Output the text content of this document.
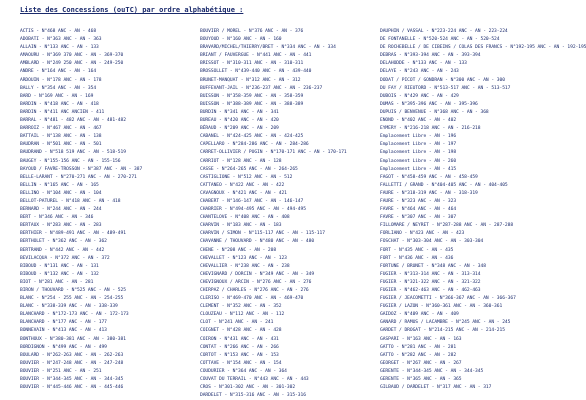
Liste des Concessions (ouTC) par ordre alphabétique :
ACTIS - N°468 ANC - AN - 468
ADOBATI - N°363 ANC - AN - 363
ALLAIN - N°133 ANC - AN - 133
AMAOURU - N°369 370 ANC - AN - 369-370
AMBLARD - N°249 250 ANC - AN - 249-250
ANDRE - N°164 ANC - AN - 164
ARDOUIN - N°178 ANC - AN - 178
BALLY - N°354 ANC - AN - 354
BARD - N°169 ANC - AN - 169
BARDIN - N°418 ANC - AN - 418
BARDIN - N°411 ANC ANCIEN - 411
BARRAL - N°481 - 482 ANC - AN - 481-482
BARROIZ - N°467 ANC - AN - 467
BATTAIL - N°138 ANC - AN - 138
BAUDRAN - N°501 ANC - AN - 501
BAUDRAND - N°518 519 ANC - AN - 518-519
BAUGEY - N°155-156 ANC - AN - 155-156
BAYOUD / FAVRE-TROSSON - N°387 ANC - AN - 387
BELLE-LARANT - N°270-271 ANC - AN - 270-271
BELLIN - N°165 ANC - AN - 165
BELLINO - N°104 ANC - AN - 104
BELLOT-PATUREL - N°418 ANC - AN - 418
BERNARD - N°244 ANC - AN - 244
BERT - N°346 ANC - AN - 346
BERTAUX - N°283 ANC - AN - 283
BERTHIER - N°489-491 ANC - AN - 489-491
BERTHOLET - N°362 ANC - AN - 362
BERTRAND - N°442 ANC - AN - 442
BEVILACQUA - N°372 ANC - AN - 372
BIBOUD - N°131 ANC - AN - 131
BIBOUD - N°132 ANC - AN - 132
BIOT - N°281 ANC - AN - 281
BIRON / THOUVARD - N°525 ANC - AN - 525
BLANC - N°254 - 255 ANC - AN - 254-255
BLANC - N°338-339 ANC - AN - 338-339
BLANCHARD - N°172-173 ANC - AN - 172-173
BLANCHARD - N°177 ANC - AN - 177
BONNEVAIN - N°413 ANC - AN - 413
BONTHOUX - N°380-381 ANC - AN - 380-381
BORDIGNON - N°499 ANC - AN - 499
BOULARD - N°262-263 ANC - AN - 262-263
BOUVIER - N°247-248 ANC - AN - 247-248
BOUVIER - N°251 ANC - AN - 251
BOUVIER - N°344-345 ANC - AN - 344-345
BOUVIER - N°445-446 ANC - AN - 445-446
BOUVIER / MOREL - N°376 ANC - AN - 376
BOUYOUD - N°160 ANC - AN - 160
BRAVARD/MICHEL/THIERRY/BRET - N°334 ANC - AN - 334
BRIANT / FAUVERGUE - N°441 ANC - AN - 441
BRISSOT - N°310-311 ANC - AN - 310-311
BROSSOLLET - N°439-440 ANC - AN - 439-440
BRUNET-MANQUAT - N°312 ANC - AN - 312
BUFFEVANT-JAIL - N°236-237 ANC - AN - 236-237
BUISSON - N°358-359 ANC - AN - 358-359
BUISSON - N°388-389 ANC - AN - 388-389
BURDIN - N°341 ANC - AN - 341
BUREAU - N°420 ANC - AN - 420
BÉRAUD - N°209 ANC - AN - 209
CABANEL - N°424-425 ANC - AN - 424-425
CAPELLARO - N°284-286 ANC - AN - 284-286
CARRET-OLLIVIER / PUGIN - N°170-171 ANC - AN - 170-171
CARRIOT - N°128 ANC - AN - 128
CASSE - N°264-265 ANC - AN - 264-265
CASTIGLIONE - N°512 ANC - AN - 512
CATTANEO - N°422 ANC - AN - 422
CAVAGNOUX - N°421 ANC - AN - 421
CHABERT - N°146-147 ANC - AN - 146-147
CHABRIER - N°494-495 ANC - AN - 494-495
CHANTELOVE - N°408 ANC - AN - 408
CHARVIN - N°183 ANC - AN - 183
CHARVIN / SIMON - N°115-117 ANC - AN - 115-117
CHAVANNE / THOUVARD - N°480 ANC - AN - 480
CHENE - N°208 ANC - AN - 208
CHEVALLET - N°123 ANC - AN - 123
CHEVALLIER - N°238 ANC - AN - 238
CHEVIGNARD / DORCIN - N°349 ANC - AN - 349
CHEVIGNOUX / ARCIN - N°276 ANC - AN - 276
CHIRPAZ / CHARLES - N°276 ANC - AN - 276
CLERISO - N°469-470 ANC - AN - 469-470
CLEMENT - N°352 ANC - AN - 352
CLOUZEAU - N°112 ANC - AN - 112
CLOT - N°241 ANC - AN - 241
COIGNET - N°428 ANC - AN - 428
COIRON - N°431 ANC - AN - 431
CONTAT - N°266 ANC - AN - 266
CORTOT - N°153 ANC - AN - 153
COTTAVE - N°154 ANC - AN - 154
COUDURIER - N°364 ANC - AN - 364
COUVAT DU TERRAIL - N°443 ANC - AN - 443
CROS - N°301-302 ANC - AN - 301-302
DARDELET - N°315-316 ANC - AN - 315-316
DAUPHIN / VASSAL - N°223-224 ANC - AN - 223-224
DE FONTANELLE - N°520-524 ANC - AN - 520-524
DE ROCHEBELLE / DE CIBEINS / COLAS DES FRANCS - N°192-195 ANC - AN - 192-195
DEBRAS - N°393-394 ANC - AN - 393-394
DELAHODDE - N°133 ANC - AN - 133
DELAYE - N°243 ANC - AN - 243
DODAT / PICOT / GONDRAN - N°300 ANC - AN - 300
DU FAY / RIEUTORD - N°513-517 ANC - AN - 513-517
DUBOIS - N°429 ANC - AN - 429
DUMAS - N°395-396 ANC - AN - 395-396
DUPUIS / BENVENUE - N°368 ANC - AN - 368
ENOND - N°402 ANC - AN - 402
EYMERY - N°216-218 ANC - AN - 216-218
Emplacement Libre - AN - 196
Emplacement Libre - AN - 197
Emplacement Libre - AN - 198
Emplacement Libre - AN - 260
Emplacement Libre - AN - 415
FAGOT - N°458-459 ANC - AN - 458-459
FALLETTI / GRAND - N°404-405 ANC - AN - 404-405
FAURE - N°318-319 ANC - AN - 318-319
FAURE - N°323 ANC - AN - 323
FAVRE - N°464 ANC - AN - 464
FAVRE - N°307 ANC - AN - 307
FILLOMARE / NEYRET - N°287-288 ANC - AN - 287-288
FORLIANO - N°423 ANC - AN - 423
FOSCHAT - N°303-304 ANC - AN - 303-304
FORT - N°435 ANC - AN - 435
FORT - N°436 ANC - AN - 436
FORTUNE / BRUNET - N°348 ANC - AN - 348
FUGIER - N°313-314 ANC - AN - 313-314
FUGIER - N°321-322 ANC - AN - 321-322
FUGIER - N°462-463 ANC - AN - 462-463
FUGIER / JEACOMETTI - N°366-367 ANC - AN - 366-367
FUGIER / LAZON - N°360-361 ANC - AN - 360-361
GAIDOZ - N°409 ANC - AN - 409
GANARD / RAMUS / LACAMBRE - N°245 ANC - AN - 245
GARDET / DROGAT - N°214-215 ANC - AN - 214-215
GASPARI - N°163 ANC - AN - 163
GATTO - N°281 ANC - AN - 281
GATTO - N°282 ANC - AN - 282
GEORGET - N°267 ANC - AN - 267
GERENTE - N°344-345 ANC - AN - 344-345
GERENTE - N°365 ANC - AN - 365
GILBAUD / DARDELET - N°317 ANC - AN - 317
